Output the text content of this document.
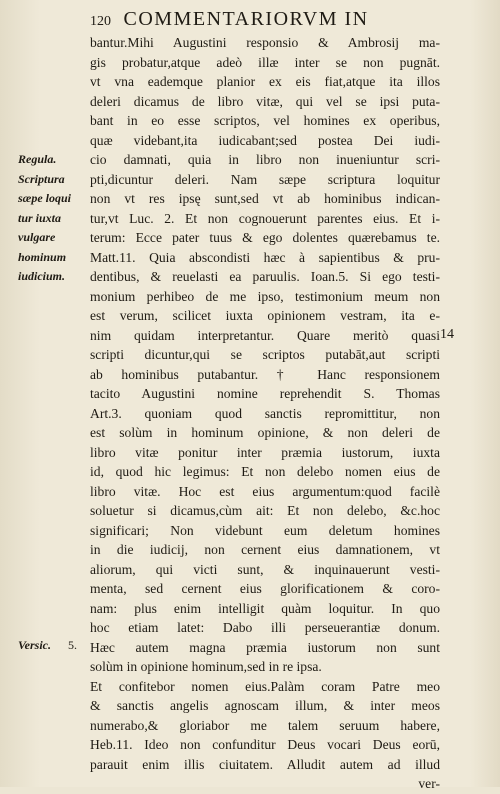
120 COMMENTARIORVM IN
Regula.
Scriptura
sæpe loqui
tur iuxta
vulgare
hominum
iudicium.
Versic. 5.
14
bantur.Mihi Augustini responsio & Ambrosij ma-
gis probatur,atque adeò illæ inter se non pugnāt.
vt vna eademque planior ex eis fiat,atque ita illos
deleri dicamus de libro vitæ, qui vel se ipsi puta-
bant in eo esse scriptos, vel homines ex operibus,
quæ videbant,ita iudicabant;sed postea Dei iudi-
cio damnati, quia in libro non inueniuntur scri-
pti,dicuntur deleri. Nam sæpe scriptura loquitur
non vt res ipsę sunt,sed vt ab hominibus indican-
tur,vt Luc. 2. Et non cognouerunt parentes eius. Et i-
terum: Ecce pater tuus & ego dolentes quærebamus te.
Matt.11. Quia abscondisti hæc à sapientibus & pru-
dentibus, & reuelasti ea paruulis. Ioan.5. Si ego testi-
monium perhibeo de me ipso, testimonium meum non
est verum, scilicet iuxta opinionem vestram, ita e-
nim quidam interpretantur. Quare meritò quasi
scripti dicuntur,qui se scriptos putabāt,aut scripti
ab hominibus putabantur. † Hanc responsionem
tacito Augustini nomine reprehendit S. Thomas
Art.3. quoniam quod sanctis repromittitur, non
est solùm in hominum opinione, & non deleri de
libro vitæ ponitur inter præmia iustorum, iuxta
id, quod hic legimus: Et non delebo nomen eius de
libro vitæ. Hoc est eius argumentum:quod facilè
soluetur si dicamus,cùm ait: Et non delebo, &c.hoc
significari; Non videbunt eum deletum homines
in die iudicij, non cernent eius damnationem, vt
aliorum, qui victi sunt, & inquinauerunt vesti-
menta, sed cernent eius glorificationem & coro-
nam: plus enim intelligit quàm loquitur. In quo
hoc etiam latet: Dabo illi perseuerantiæ donum.
Hæc autem magna præmia iustorum non sunt
solùm in opinione hominum,sed in re ipsa.
Et confitebor nomen eius.Palàm coram Patre meo
& sanctis angelis agnoscam illum, & inter meos
numerabo,& gloriabor me talem seruum habere,
Heb.11. Ideo non confunditur Deus vocari Deus eorū,
parauit enim illis ciuitatem. Alludit autem ad illud
ver-
